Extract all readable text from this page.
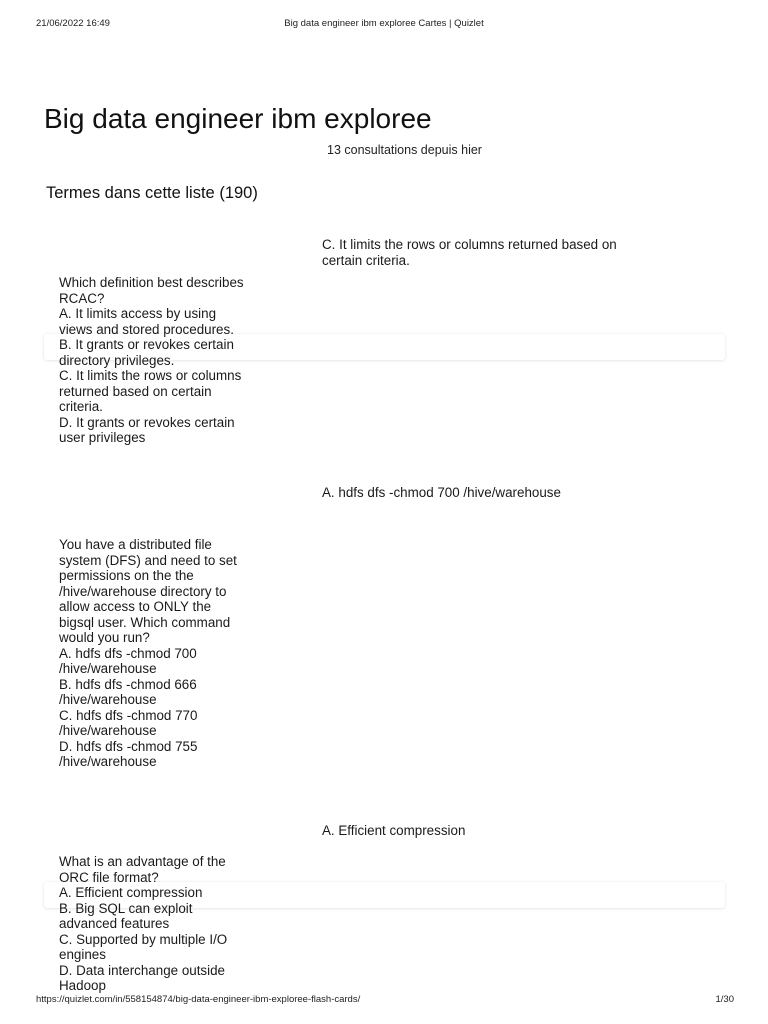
21/06/2022 16:49	Big data engineer ibm exploree Cartes | Quizlet
Big data engineer ibm exploree
13 consultations depuis hier
Termes dans cette liste (190)
C. It limits the rows or columns returned based on
certain criteria.
Which definition best describes
RCAC?
A. It limits access by using
views and stored procedures.
B. It grants or revokes certain
directory privileges.
C. It limits the rows or columns
returned based on certain
criteria.
D. It grants or revokes certain
user privileges
A. hdfs dfs -chmod 700 /hive/warehouse
You have a distributed file
system (DFS) and need to set
permissions on the the
/hive/warehouse directory to
allow access to ONLY the
bigsql user. Which command
would you run?
A. hdfs dfs -chmod 700
/hive/warehouse
B. hdfs dfs -chmod 666
/hive/warehouse
C. hdfs dfs -chmod 770
/hive/warehouse
D. hdfs dfs -chmod 755
/hive/warehouse
A. Efficient compression
What is an advantage of the
ORC file format?
A. Efficient compression
B. Big SQL can exploit
advanced features
C. Supported by multiple I/O
engines
D. Data interchange outside
Hadoop
https://quizlet.com/in/558154874/big-data-engineer-ibm-exploree-flash-cards/	1/30
